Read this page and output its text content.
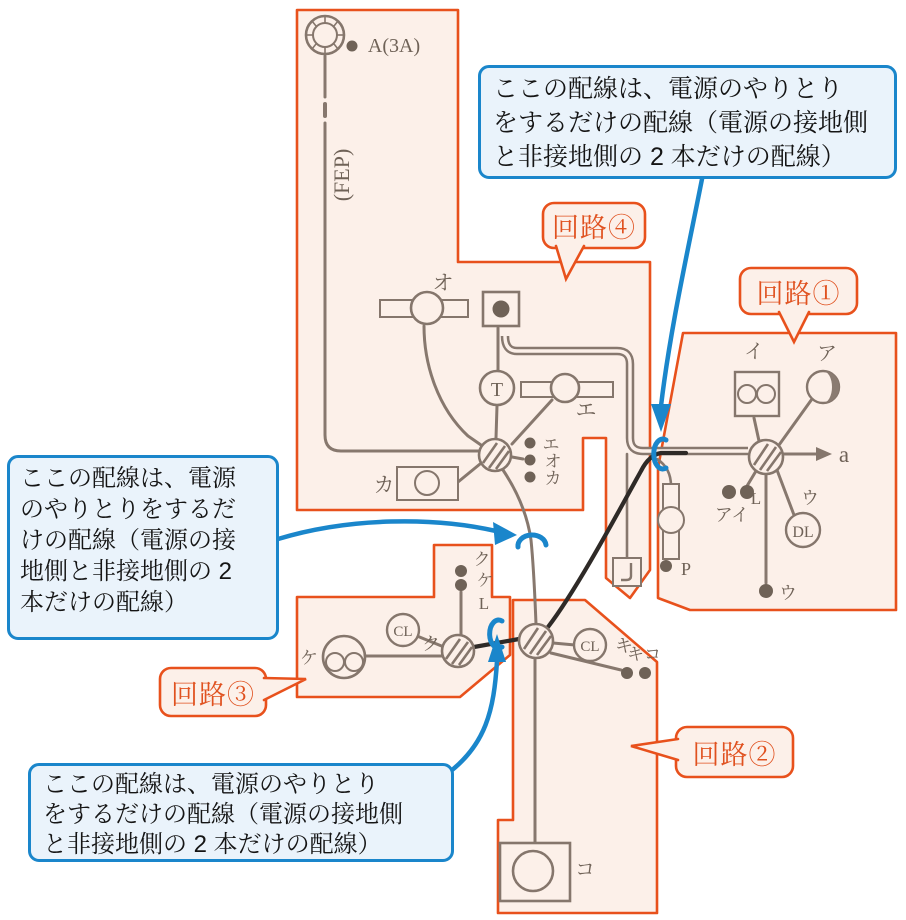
A(3A)
(FEP)
オ
T
エ
エ
オ
カ
カ
イ	ア
a
L
アイ
P
ウ
DL
ウ
ク
ケ
L
CL
ク
ケ
CL キ
キコ
コ
ここの配線は、電源のやりとり
をするだけの配線（電源の接地側
と非接地側の 2 本だけの配線）
ここの配線は、電源
のやりとりをするだ
けの配線（電源の接
地側と非接地側の 2
本だけの配線）
ここの配線は、電源のやりとり
をするだけの配線（電源の接地側
と非接地側の 2 本だけの配線）
回路④
回路①
回路③
回路②
